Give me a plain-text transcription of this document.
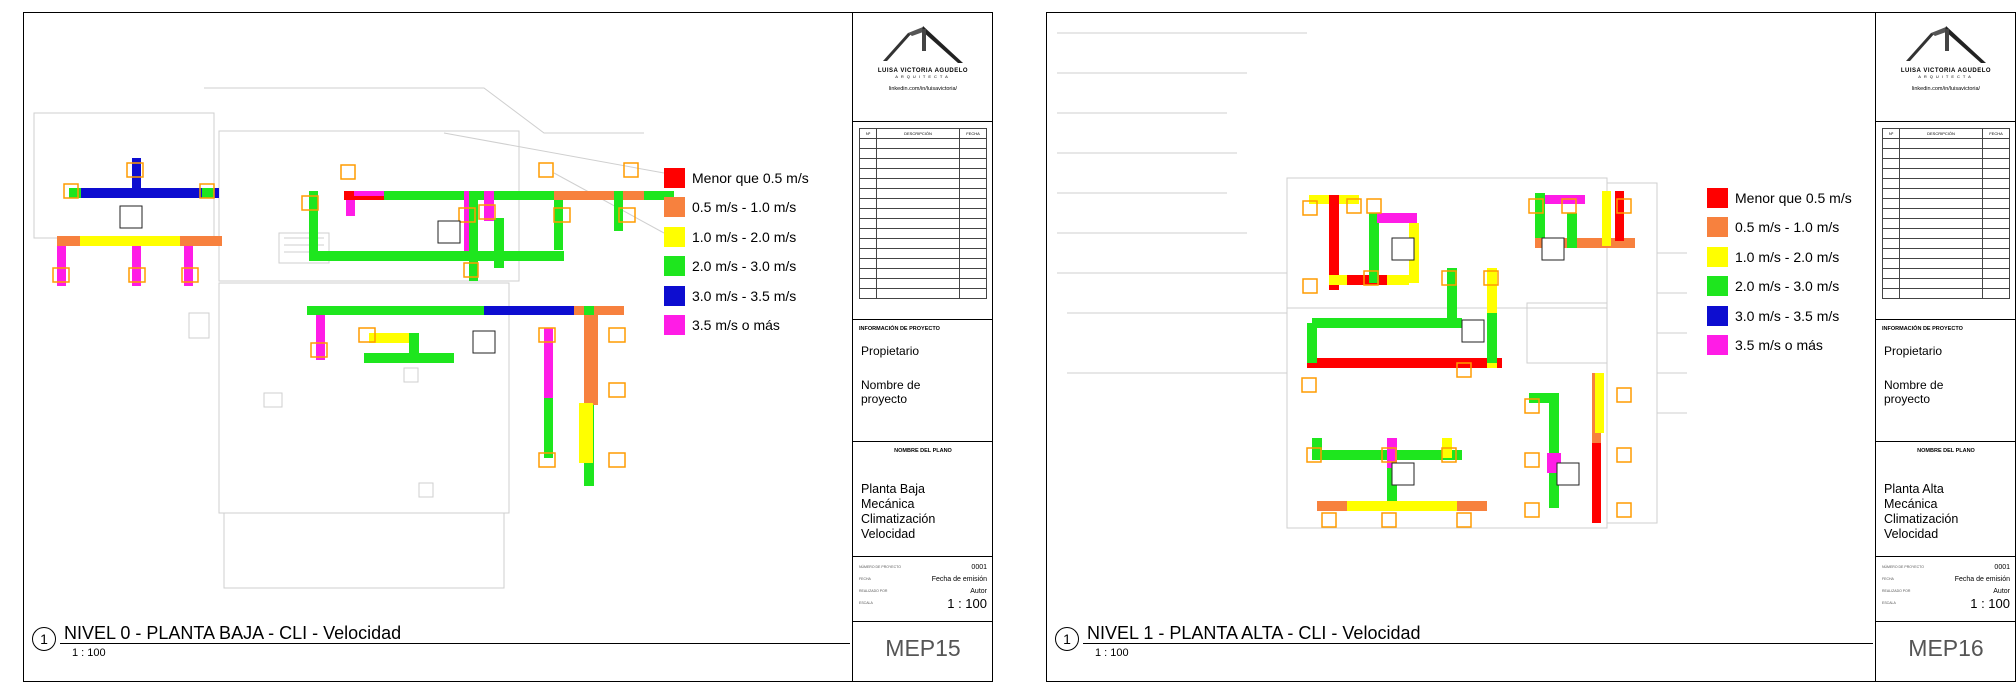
Menor que 0.5 m/s
0.5 m/s - 1.0 m/s
1.0 m/s - 2.0 m/s
2.0 m/s - 3.0 m/s
3.0 m/s - 3.5 m/s
3.5 m/s o más
1 NIVEL 0 - PLANTA BAJA - CLI - Velocidad
1 : 100
LUISA VICTORIA AGUDELO
ARQUITECTA
linkedin.com/in/luisavictoria/
Nº	DESCRIPCIÓN	FECHA

INFORMACIÓN DE PROYECTO
Propietario
Nombre de proyecto
NOMBRE DEL PLANO
Planta Baja
Mecánica
Climatización
Velocidad
NÚMERO DE PROYECTO	0001
FECHA	Fecha de emisión
REALIZADO POR	Autor
ESCALA	1 : 100
MEP15
Menor que 0.5 m/s
0.5 m/s - 1.0 m/s
1.0 m/s - 2.0 m/s
2.0 m/s - 3.0 m/s
3.0 m/s - 3.5 m/s
3.5 m/s o más
1 NIVEL 1 - PLANTA ALTA - CLI - Velocidad
1 : 100
LUISA VICTORIA AGUDELO
ARQUITECTA
linkedin.com/in/luisavictoria/
Nº	DESCRIPCIÓN	FECHA

INFORMACIÓN DE PROYECTO
Propietario
Nombre de proyecto
NOMBRE DEL PLANO
Planta Alta
Mecánica
Climatización
Velocidad
NÚMERO DE PROYECTO	0001
FECHA	Fecha de emisión
REALIZADO POR	Autor
ESCALA	1 : 100
MEP16
